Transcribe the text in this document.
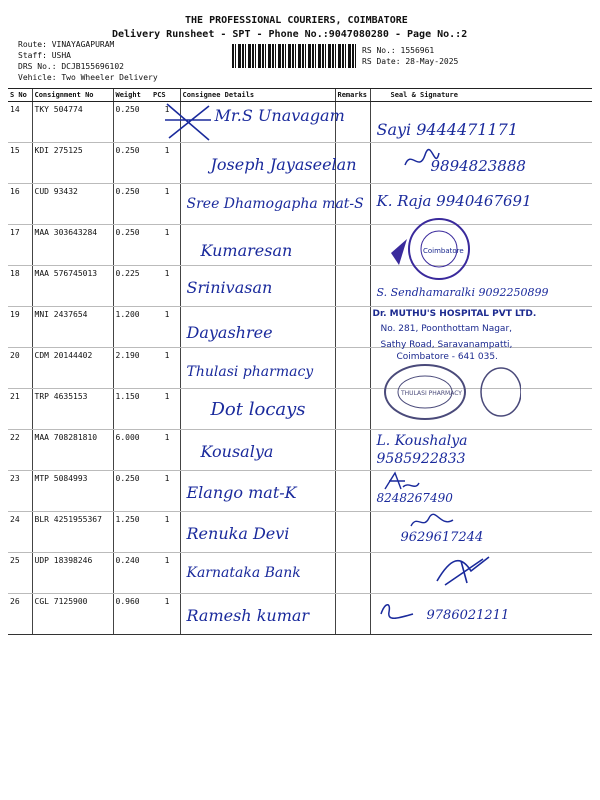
THE PROFESSIONAL COURIERS, COIMBATORE
Delivery Runsheet - SPT - Phone No.:9047080280 - Page No.:2
Route: VINAYAGAPURAM
Staff: USHA
DRS No.: DCJB155696102
Vehicle: Two Wheeler Delivery
RS No.: 1556961
RS Date: 28-May-2025
S No	Consignment No	Weight	PCS	Consignee Details	Remarks	Seal & Signature
14	TKY 504774	0.250	1	Mr.S Unavagam		Sayi 9444471171

15	KDI 275125	0.250	1	Joseph Jayaseelan		9894823888

16	CUD 93432	0.250	1	Sree Dhamogapha mat-S		K. Raja 9940467691

17	MAA 303643284	0.250	1	Kumaresan		Coimbatore

18	MAA 576745013	0.225	1	Srinivasan		S. Sendhamaralki 9092250899

19	MNI 2437654	1.200	1	Dayashree		Dr. MUTHU'S HOSPITAL PVT LTD.
No. 281, Poonthottam Nagar,

20	CDM 20144402	2.190	1	Thulasi pharmacy		Sathy Road, Saravanampatti,
Coimbatore - 641 035.
THULASI PHARMACY

21	TRP 4635153	1.150	1	Dot locays		

22	MAA 708281810	6.000	1	Kousalya		L. Koushalya 9585922833

23	MTP 5084993	0.250	1	Elango mat-K		8248267490

24	BLR 4251955367	1.250	1	Renuka Devi		9629617244

25	UDP 18398246	0.240	1	Karnataka Bank

26	CGL 7125900	0.960	1	Ramesh kumar		9786021211
